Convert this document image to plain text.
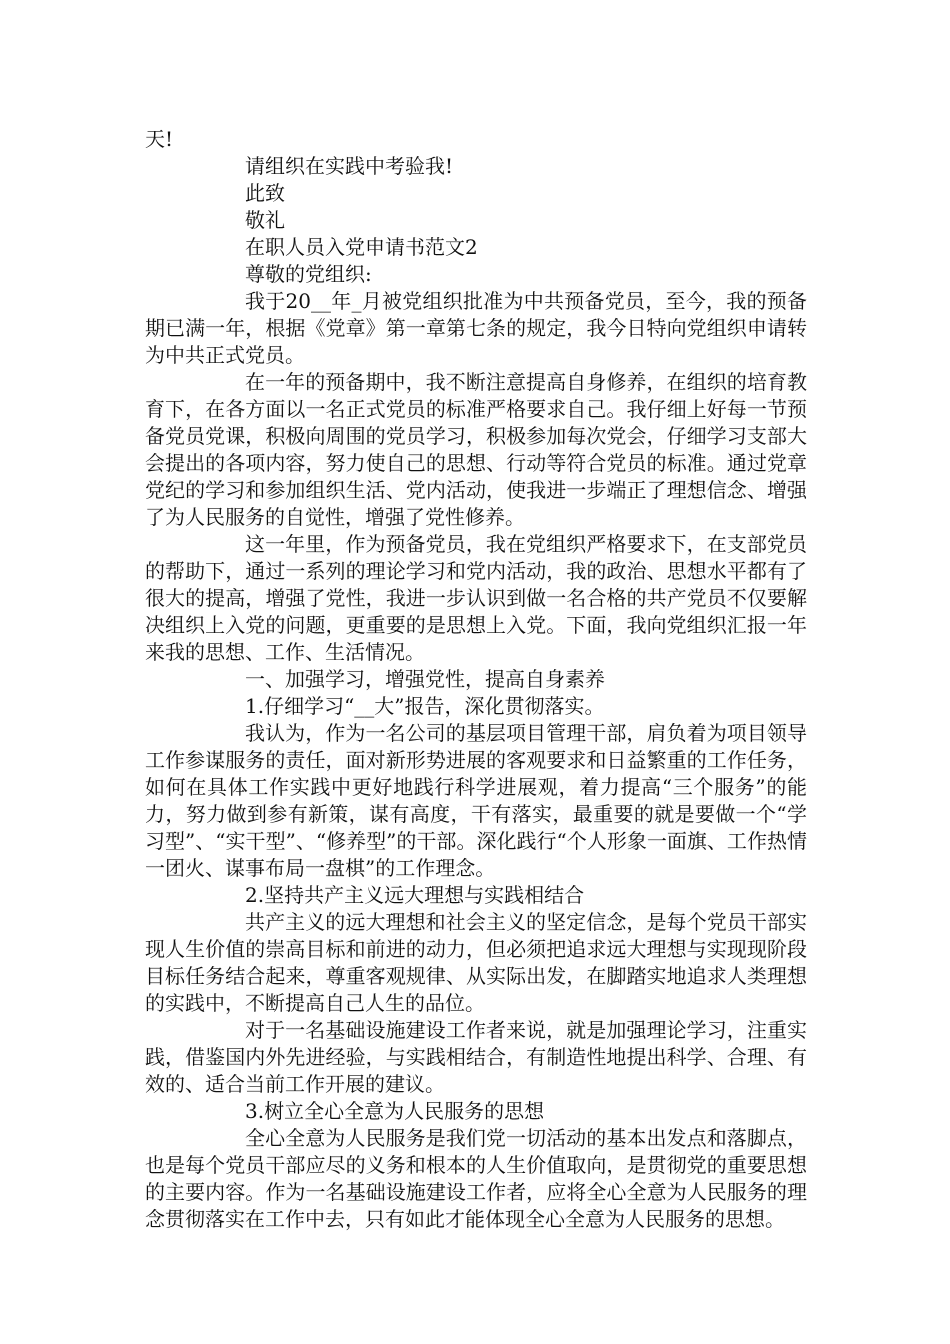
天!

请组织在实践中考验我!

此致

敬礼

在职人员入党申请书范文2

尊敬的党组织:

我于20__年_月被党组织批准为中共预备党员，至今，我的预备期已满一年，根据《党章》第一章第七条的规定，我今日特向党组织申请转为中共正式党员。

在一年的预备期中，我不断注意提高自身修养，在组织的培育教育下，在各方面以一名正式党员的标准严格要求自己。我仔细上好每一节预备党员党课，积极向周围的党员学习，积极参加每次党会，仔细学习支部大会提出的各项内容，努力使自己的思想、行动等符合党员的标准。通过党章党纪的学习和参加组织生活、党内活动，使我进一步端正了理想信念、增强了为人民服务的自觉性，增强了党性修养。

这一年里，作为预备党员，我在党组织严格要求下，在支部党员的帮助下，通过一系列的理论学习和党内活动，我的政治、思想水平都有了很大的提高，增强了党性，我进一步认识到做一名合格的共产党员不仅要解决组织上入党的问题，更重要的是思想上入党。下面，我向党组织汇报一年来我的思想、工作、生活情况。

一、加强学习，增强党性，提高自身素养

1.仔细学习“__大”报告，深化贯彻落实。

我认为，作为一名公司的基层项目管理干部，肩负着为项目领导工作参谋服务的责任，面对新形势进展的客观要求和日益繁重的工作任务，如何在具体工作实践中更好地践行科学进展观，着力提高“三个服务”的能力，努力做到参有新策，谋有高度，干有落实，最重要的就是要做一个“学习型”、“实干型”、“修养型”的干部。深化践行“个人形象一面旗、工作热情一团火、谋事布局一盘棋”的工作理念。

2.坚持共产主义远大理想与实践相结合

共产主义的远大理想和社会主义的坚定信念，是每个党员干部实现人生价值的崇高目标和前进的动力，但必须把追求远大理想与实现现阶段目标任务结合起来，尊重客观规律、从实际出发，在脚踏实地追求人类理想的实践中，不断提高自己人生的品位。

对于一名基础设施建设工作者来说，就是加强理论学习，注重实践，借鉴国内外先进经验，与实践相结合，有制造性地提出科学、合理、有效的、适合当前工作开展的建议。

3.树立全心全意为人民服务的思想

全心全意为人民服务是我们党一切活动的基本出发点和落脚点，也是每个党员干部应尽的义务和根本的人生价值取向，是贯彻党的重要思想的主要内容。作为一名基础设施建设工作者，应将全心全意为人民服务的理念贯彻落实在工作中去，只有如此才能体现全心全意为人民服务的思想。
